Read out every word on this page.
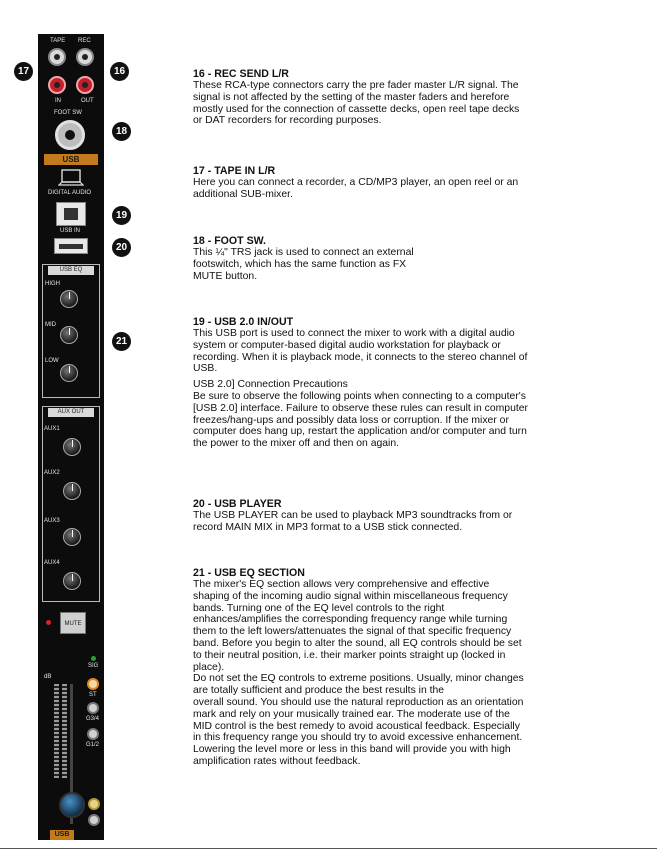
TAPE REC
IN	OUT
FOOT SW
USB
DIGITAL AUDIO
USB IN
USB EQ
HIGH
MID
LOW
AUX OUT
AUX1
AUX2
AUX3
AUX4
MUTE
SIG
dB
ST
G3/4
G1/2
USB
17	16
18
19
20
21
16 - REC SEND L/R

These RCA-type connectors carry the pre fader master L/R signal. The
signal is not affected by the setting of the master faders and herefore
mostly used for the connection of cassette decks, open reel tape decks
or DAT recorders for recording purposes.

17 - TAPE IN L/R

Here you can connect a recorder, a CD/MP3 player, an open reel or an
additional SUB-mixer.

18 - FOOT SW.

This ¼" TRS jack is used to connect an external
footswitch, which has the same function as FX
MUTE button.

19 - USB 2.0 IN/OUT

This USB port is used to connect the mixer to work with a digital audio
system or computer-based digital audio workstation for playback or
recording. When it is playback mode, it connects to the stereo channel of
USB.

USB 2.0] Connection Precautions
Be sure to observe the following points when connecting to a computer's
[USB 2.0] interface. Failure to observe these rules can result in computer
freezes/hang-ups and possibly data loss or corruption. If the mixer or
computer does hang up, restart the application and/or computer and turn
the power to the mixer off and then on again.

20 - USB PLAYER

The USB PLAYER can be used to playback MP3 soundtracks from or
record MAIN MIX in MP3 format to a USB stick connected.

21 - USB EQ SECTION

The mixer's EQ section allows very comprehensive and effective
shaping of the incoming audio signal within miscellaneous frequency
bands. Turning one of the EQ level controls to the right
enhances/amplifies the corresponding frequency range while turning
them to the left lowers/attenuates the signal of that specific frequency
band. Before you begin to alter the sound, all EQ controls should be set
to their neutral position, i.e. their marker points straight up (locked in
place).
Do not set the EQ controls to extreme positions. Usually, minor changes
are totally sufficient and produce the best results in the
overall sound. You should use the natural reproduction as an orientation
mark and rely on your musically trained ear. The moderate use of the
MID control is the best remedy to avoid acoustical feedback. Especially
in this frequency range you should try to avoid excessive enhancement.
Lowering the level more or less in this band will provide you with high
amplification rates without feedback.
